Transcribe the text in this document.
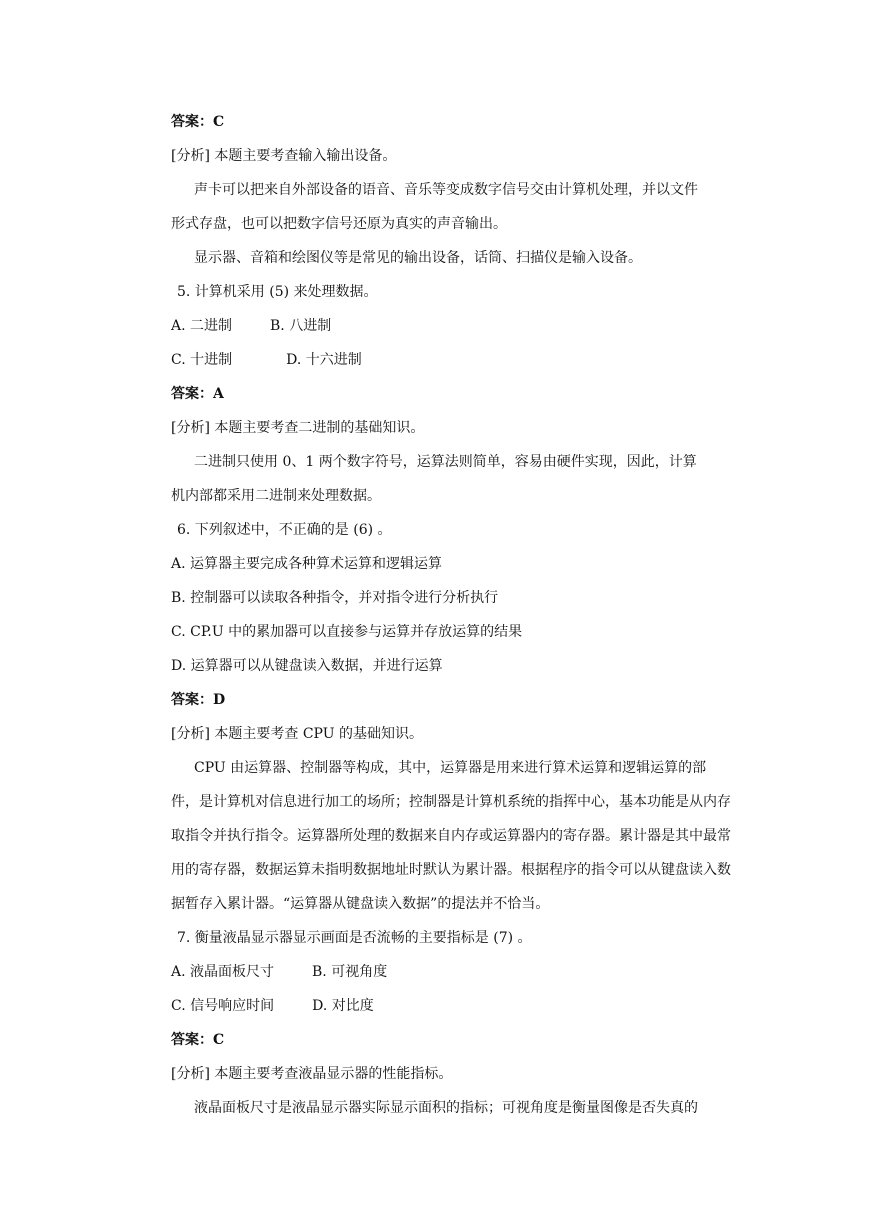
答案：C
[分析] 本题主要考查输入输出设备。
声卡可以把来自外部设备的语音、音乐等变成数字信号交由计算机处理，并以文件
形式存盘，也可以把数字信号还原为真实的声音输出。
显示器、音箱和绘图仪等是常见的输出设备，话筒、扫描仪是输入设备。
5. 计算机采用 (5) 来处理数据。
A. 二进制	B. 八进制
C. 十进制	D. 十六进制
答案：A
[分析] 本题主要考查二进制的基础知识。
二进制只使用 0、1 两个数字符号，运算法则简单，容易由硬件实现，因此，计算
机内部都采用二进制来处理数据。
6. 下列叙述中，不正确的是 (6) 。
A. 运算器主要完成各种算术运算和逻辑运算
B. 控制器可以读取各种指令，并对指令进行分析执行
C. CP.U 中的累加器可以直接参与运算并存放运算的结果
D. 运算器可以从键盘读入数据，并进行运算
答案：D
[分析] 本题主要考查 CPU 的基础知识。
CPU 由运算器、控制器等构成，其中，运算器是用来进行算术运算和逻辑运算的部
件，是计算机对信息进行加工的场所；控制器是计算机系统的指挥中心，基本功能是从内存
取指令并执行指令。运算器所处理的数据来自内存或运算器内的寄存器。累计器是其中最常
用的寄存器，数据运算未指明数据地址时默认为累计器。根据程序的指令可以从键盘读入数
据暂存入累计器。“运算器从键盘读入数据”的提法并不恰当。
7. 衡量液晶显示器显示画面是否流畅的主要指标是 (7) 。
A. 液晶面板尺寸	B. 可视角度
C. 信号响应时间	D. 对比度
答案：C
[分析] 本题主要考查液晶显示器的性能指标。
液晶面板尺寸是液晶显示器实际显示面积的指标；可视角度是衡量图像是否失真的
